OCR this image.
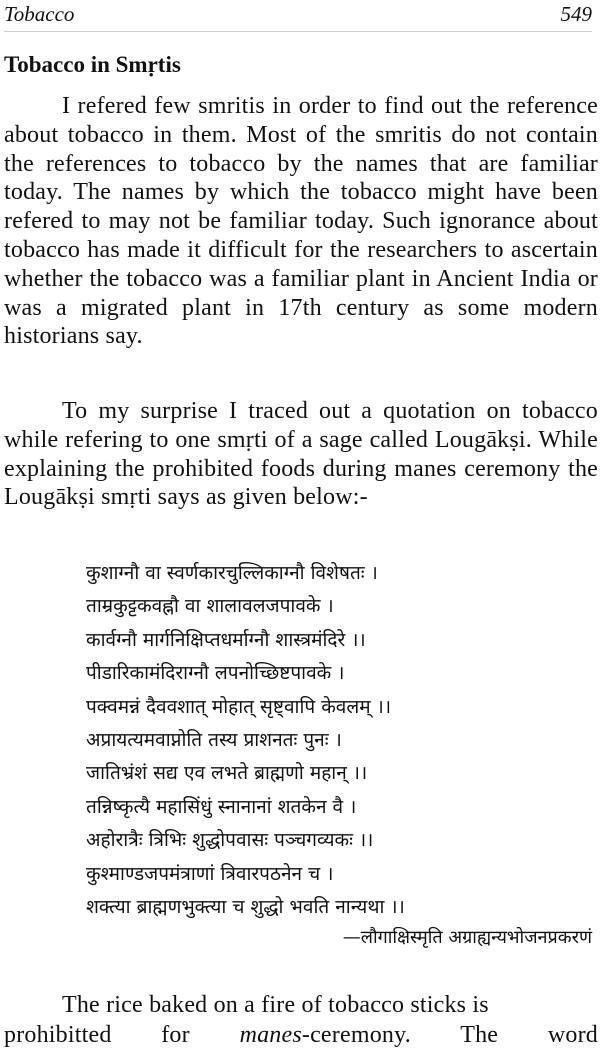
Tobacco	549
Tobacco in Smṛtis

I refered few smritis in order to find out the reference about tobacco in them. Most of the smritis do not contain the references to tobacco by the names that are familiar today. The names by which the tobacco might have been refered to may not be familiar today. Such ignorance about tobacco has made it difficult for the researchers to ascertain whether the tobacco was a familiar plant in Ancient India or was a migrated plant in 17th century as some modern historians say.

To my surprise I traced out a quotation on tobacco while refering to one smṛti of a sage called Lougākṣi. While explaining the prohibited foods during manes ceremony the Lougākṣi smṛti says as given below:-

कुशाग्नौ वा स्वर्णकारचुल्लिकाग्नौ विशेषतः ।
ताम्रकुट्टकवह्नौ वा शालावलजपावके ।
कार्वग्नौ मार्गनिक्षिप्तधर्माग्नौ शास्त्रमंदिरे ।।
पीडारिकामंदिराग्नौ लपनोच्छिष्टपावके ।
पक्वमन्नं दैववशात् मोहात् सृष्ट्वापि केवलम् ।।
अप्रायत्यमवाप्नोति तस्य प्राशनतः पुनः ।
जातिभ्रंशं सद्य एव लभते ब्राह्मणो महान् ।।
तन्निष्कृत्यै महासिंधुं स्नानानां शतकेन वै ।
अहोरात्रैः त्रिभिः शुद्धोपवासः पञ्चगव्यकः ।।
कुश्माण्डजपमंत्राणां त्रिवारपठनेन च ।
शक्त्या ब्राह्मणभुक्त्या च शुद्धो भवति नान्यथा ।।
—लौगाक्षिस्मृति अग्राह्यन्यभोजनप्रकरणं
The rice baked on a fire of tobacco sticks is
prohibitted for manes-ceremony. The word
